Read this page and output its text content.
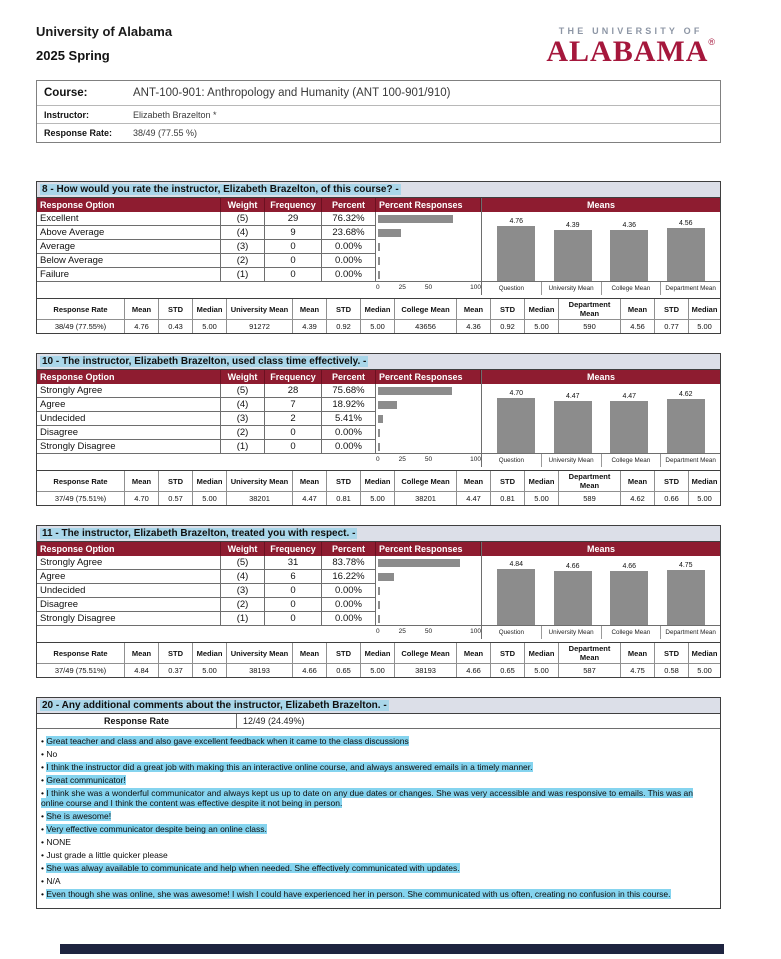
University of Alabama
2025 Spring
THE UNIVERSITY OF
ALABAMA®
Course:	ANT-100-901: Anthropology and Humanity (ANT 100-901/910)
Instructor:	Elizabeth Brazelton *
Response Rate:	38/49 (77.55 %)
8 - How would you rate the instructor, Elizabeth Brazelton, of this course? -
Response Option	Weight	Frequency	Percent
Excellent	(5)	29	76.32%
Above Average	(4)	9	23.68%
Average	(3)	0	0.00%
Below Average	(2)	0	0.00%
Failure	(1)	0	0.00%
Percent Responses
0	25	50	100
Means
4.76
4.39	4.36	4.56
Question	University Mean	College Mean	Department Mean
Response Rate	Mean	STD	Median	University Mean	Mean	STD	Median	College Mean	Mean	STD	Median	Department Mean	Mean	STD	Median
38/49 (77.55%)	4.76	0.43	5.00	91272	4.39	0.92	5.00	43656	4.36	0.92	5.00	590	4.56	0.77	5.00
10 - The instructor, Elizabeth Brazelton, used class time effectively. -
Response Option	Weight	Frequency	Percent
Strongly Agree	(5)	28	75.68%
Agree	(4)	7	18.92%
Undecided	(3)	2	5.41%
Disagree	(2)	0	0.00%
Strongly Disagree	(1)	0	0.00%
Percent Responses
0	25	50	100
Means
4.70	4.47	4.47	4.62
Question	University Mean	College Mean	Department Mean
Response Rate	Mean	STD	Median	University Mean	Mean	STD	Median	College Mean	Mean	STD	Median	Department Mean	Mean	STD	Median
37/49 (75.51%)	4.70	0.57	5.00	38201	4.47	0.81	5.00	38201	4.47	0.81	5.00	589	4.62	0.66	5.00
11 - The instructor, Elizabeth Brazelton, treated you with respect. -
Response Option	Weight	Frequency	Percent
Strongly Agree	(5)	31	83.78%
Agree	(4)	6	16.22%
Undecided	(3)	0	0.00%
Disagree	(2)	0	0.00%
Strongly Disagree	(1)	0	0.00%
Percent Responses
0	25	50	100
Means
4.84	4.66	4.66	4.75
Question	University Mean	College Mean	Department Mean
Response Rate	Mean	STD	Median	University Mean	Mean	STD	Median	College Mean	Mean	STD	Median	Department Mean	Mean	STD	Median
37/49 (75.51%)	4.84	0.37	5.00	38193	4.66	0.65	5.00	38193	4.66	0.65	5.00	587	4.75	0.58	5.00
20 - Any additional comments about the instructor, Elizabeth Brazelton. -
Response Rate	12/49 (24.49%)
• Great teacher and class and also gave excellent feedback when it came to the class discussions
• No
• I think the instructor did a great job with making this an interactive online course, and always answered emails in a timely manner.
• Great communicator!
• I think she was a wonderful communicator and always kept us up to date on any due dates or changes. She was very accessible and was responsive to emails. This was an online course and I think the content was effective despite it not being in person.
• She is awesome!
• Very effective communicator despite being an online class.
• NONE
• Just grade a little quicker please
• She was alway available to communicate and help when needed. She effectively communicated with updates.
• N/A
• Even though she was online, she was awesome! I wish I could have experienced her in person. She communicated with us often, creating no confusion in this course.
